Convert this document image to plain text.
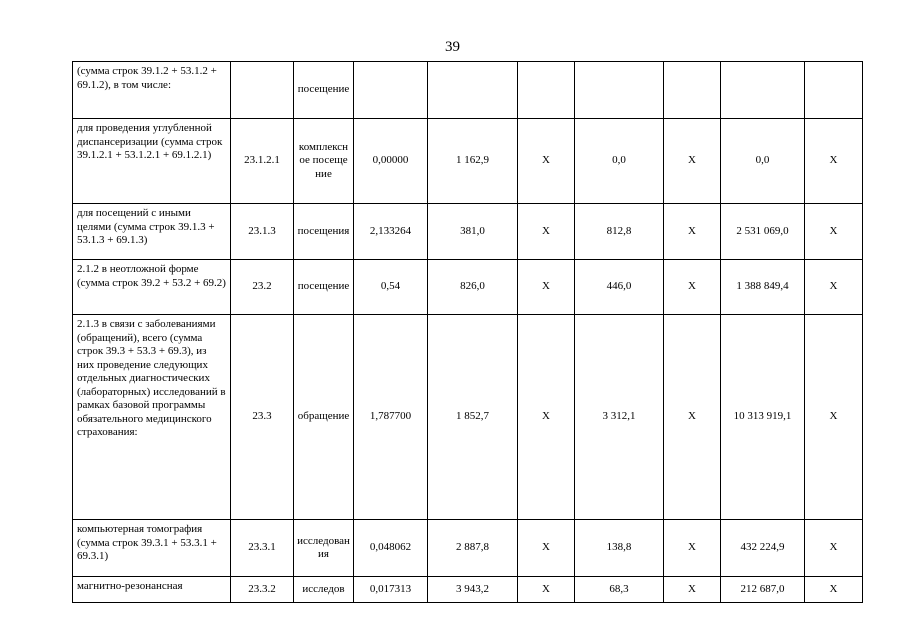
39
(сумма строк 39.1.2 + 53.1.2 + 69.1.2), в том числе:		посещение							
для проведения углубленной диспансеризации (сумма строк 39.1.2.1 + 53.1.2.1 + 69.1.2.1)	23.1.2.1	комплексное посещение	0,00000	1 162,9	X	0,0	X	0,0	X
для посещений с иными целями (сумма строк 39.1.3 + 53.1.3 + 69.1.3)	23.1.3	посещения	2,133264	381,0	X	812,8	X	2 531 069,0	X
2.1.2 в неотложной форме (сумма строк 39.2 + 53.2 + 69.2)	23.2	посещение	0,54	826,0	X	446,0	X	1 388 849,4	X
2.1.3 в связи с заболеваниями (обращений), всего (сумма строк 39.3 + 53.3 + 69.3), из них проведение следующих отдельных диагностических (лабораторных) исследований в рамках базовой программы обязательного медицинского страхования:	23.3	обращение	1,787700	1 852,7	X	3 312,1	X	10 313 919,1	X
компьютерная томография (сумма строк 39.3.1 + 53.3.1 + 69.3.1)	23.3.1	исследования	0,048062	2 887,8	X	138,8	X	432 224,9	X
магнитно-резонансная	23.3.2	исследов	0,017313	3 943,2	X	68,3	X	212 687,0	X
